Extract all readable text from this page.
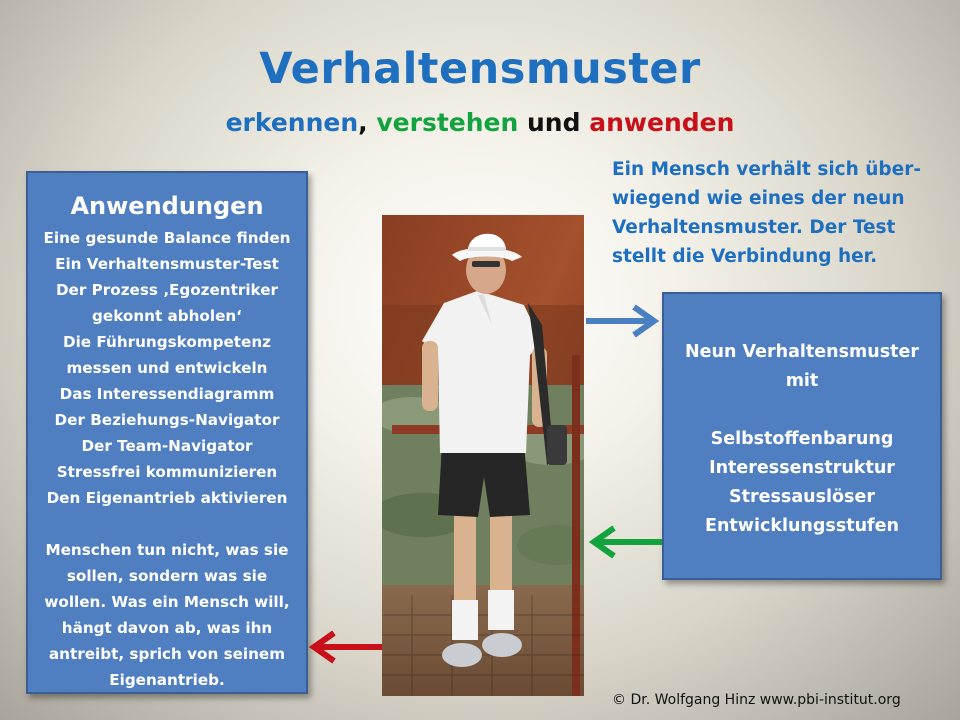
Verhaltensmuster
erkennen, verstehen und anwenden
Anwendungen
Eine gesunde Balance finden
Ein Verhaltensmuster-Test
Der Prozess ‚Egozentriker
gekonnt abholen‘
Die Führungskompetenz
messen und entwickeln
Das Interessendiagramm
Der Beziehungs-Navigator
Der Team-Navigator
Stressfrei kommunizieren
Den Eigenantrieb aktivieren
Menschen tun nicht, was sie
sollen, sondern was sie
wollen. Was ein Mensch will,
hängt davon ab, was ihn
antreibt, sprich von seinem
Eigenantrieb.
Ein Mensch verhält sich über-
wiegend wie eines der neun
Verhaltensmuster. Der Test
stellt die Verbindung her.
Neun Verhaltensmuster
mit
Selbstoffenbarung
Interessenstruktur
Stressauslöser
Entwicklungsstufen
© Dr. Wolfgang Hinz www.pbi-institut.org
